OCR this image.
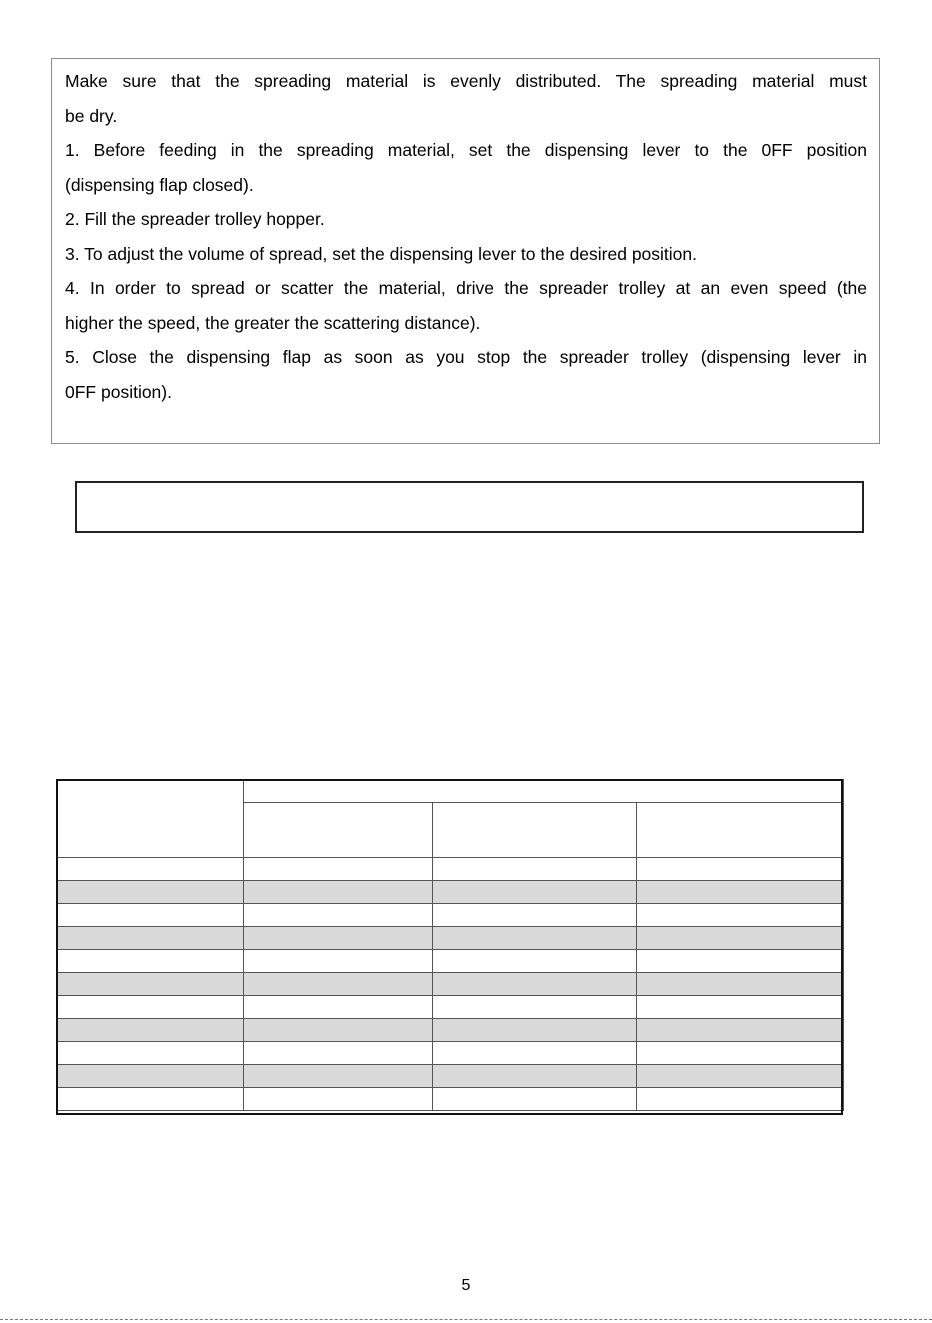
Make sure that the spreading material is evenly distributed. The spreading material must
be dry.
1. Before feeding in the spreading material, set the dispensing lever to the 0FF position
(dispensing flap closed).
2. Fill the spreader trolley hopper.
3. To adjust the volume of spread, set the dispensing lever to the desired position.
4. In order to spread or scatter the material, drive the spreader trolley at an even speed (the
higher the speed, the greater the scattering distance).
5. Close the dispensing flap as soon as you stop the spreader trolley (dispensing lever in
0FF position).

5
